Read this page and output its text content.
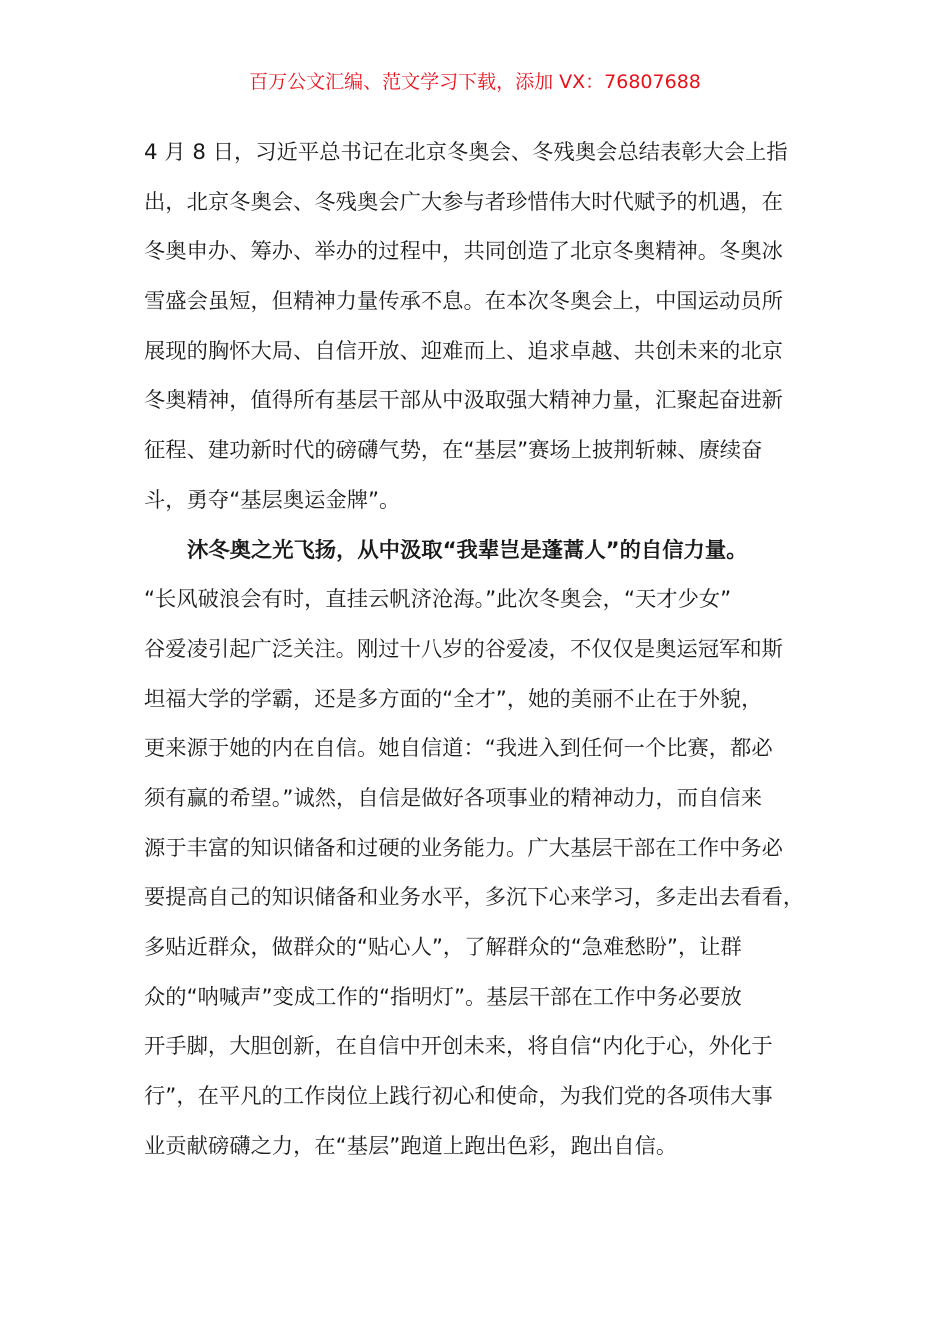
百万公文汇编、范文学习下载，添加 VX：76807688
4 月 8 日，习近平总书记在北京冬奥会、冬残奥会总结表彰大会上指
出，北京冬奥会、冬残奥会广大参与者珍惜伟大时代赋予的机遇，在
冬奥申办、筹办、举办的过程中，共同创造了北京冬奥精神。冬奥冰
雪盛会虽短，但精神力量传承不息。在本次冬奥会上，中国运动员所
展现的胸怀大局、自信开放、迎难而上、追求卓越、共创未来的北京
冬奥精神，值得所有基层干部从中汲取强大精神力量，汇聚起奋进新
征程、建功新时代的磅礴气势，在“基层”赛场上披荆斩棘、赓续奋
斗，勇夺“基层奥运金牌”。
沐冬奥之光飞扬，从中汲取“我辈岂是蓬蒿人”的自信力量。
“长风破浪会有时，直挂云帆济沧海。”此次冬奥会，“天才少女”
谷爱凌引起广泛关注。刚过十八岁的谷爱凌，不仅仅是奥运冠军和斯
坦福大学的学霸，还是多方面的“全才”，她的美丽不止在于外貌，
更来源于她的内在自信。她自信道：“我进入到任何一个比赛，都必
须有赢的希望。”诚然，自信是做好各项事业的精神动力，而自信来
源于丰富的知识储备和过硬的业务能力。广大基层干部在工作中务必
要提高自己的知识储备和业务水平，多沉下心来学习，多走出去看看，
多贴近群众，做群众的“贴心人”，了解群众的“急难愁盼”，让群
众的“呐喊声”变成工作的“指明灯”。基层干部在工作中务必要放
开手脚，大胆创新，在自信中开创未来，将自信“内化于心，外化于
行”，在平凡的工作岗位上践行初心和使命，为我们党的各项伟大事
业贡献磅礴之力，在“基层”跑道上跑出色彩，跑出自信。
